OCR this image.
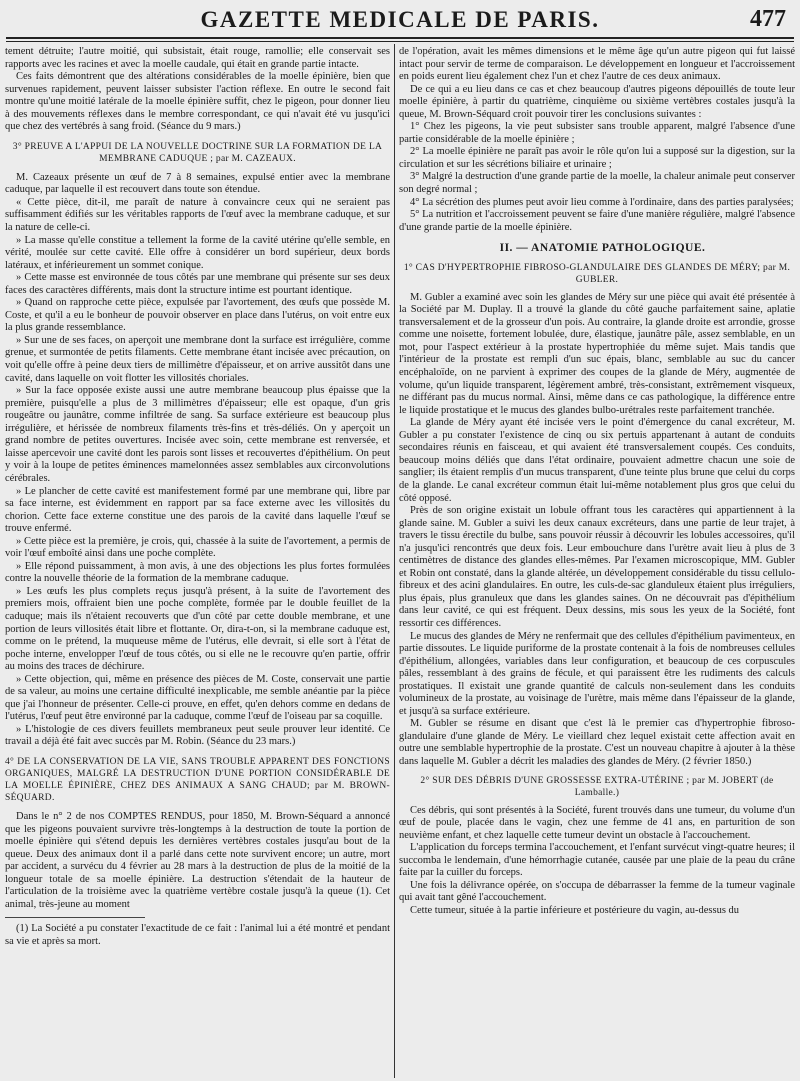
GAZETTE MEDICALE DE PARIS.	477

tement détruite; l'autre moitié, qui subsistait, était rouge, ramollie; elle conservait ses rapports avec les racines et avec la moelle caudale, qui était en grande partie intacte.

Ces faits démontrent que des altérations considérables de la moelle épinière, bien que survenues rapidement, peuvent laisser subsister l'action réflexe. En outre le second fait montre qu'une moitié latérale de la moelle épinière suffit, chez le pigeon, pour donner lieu à des mouvements réflexes dans le membre correspondant, ce qui n'avait été vu jusqu'ici que chez des vertébrés à sang froid. (Séance du 9 mars.)

3° PREUVE A L'APPUI DE LA NOUVELLE DOCTRINE SUR LA FORMATION DE LA MEMBRANE CADUQUE ; par M. CAZEAUX.

M. Cazeaux présente un œuf de 7 à 8 semaines, expulsé entier avec la membrane caduque, par laquelle il est recouvert dans toute son étendue.

« Cette pièce, dit-il, me paraît de nature à convaincre ceux qui ne seraient pas suffisamment édifiés sur les véritables rapports de l'œuf avec la membrane caduque, et sur la nature de celle-ci.

» La masse qu'elle constitue a tellement la forme de la cavité utérine qu'elle semble, en vérité, moulée sur cette cavité. Elle offre à considérer un bord supérieur, deux bords latéraux, et inférieurement un sommet conique.

» Cette masse est environnée de tous côtés par une membrane qui présente sur ses deux faces des caractères différents, mais dont la structure intime est pourtant identique.

» Quand on rapproche cette pièce, expulsée par l'avortement, des œufs que possède M. Coste, et qu'il a eu le bonheur de pouvoir observer en place dans l'utérus, on voit entre eux la plus grande ressemblance.

» Sur une de ses faces, on aperçoit une membrane dont la surface est irrégulière, comme grenue, et surmontée de petits filaments. Cette membrane étant incisée avec précaution, on voit qu'elle offre à peine deux tiers de millimètre d'épaisseur, et on arrive aussitôt dans une cavité, dans laquelle on voit flotter les villosités choriales.

» Sur la face opposée existe aussi une autre membrane beaucoup plus épaisse que la première, puisqu'elle a plus de 3 millimètres d'épaisseur; elle est opaque, d'un gris rougeâtre ou jaunâtre, comme infiltrée de sang. Sa surface extérieure est beaucoup plus irrégulière, et hérissée de nombreux filaments très-fins et très-déliés. On y aperçoit un grand nombre de petites ouvertures. Incisée avec soin, cette membrane est renversée, et laisse apercevoir une cavité dont les parois sont lisses et recouvertes d'épithélium. On peut y voir à la loupe de petites éminences mamelonnées assez semblables aux circonvolutions cérébrales.

» Le plancher de cette cavité est manifestement formé par une membrane qui, libre par sa face interne, est évidemment en rapport par sa face externe avec les villosités du chorion. Cette face externe constitue une des parois de la cavité dans laquelle l'œuf se trouve enfermé.

» Cette pièce est la première, je crois, qui, chassée à la suite de l'avortement, a permis de voir l'œuf emboîté ainsi dans une poche complète.

» Elle répond puissamment, à mon avis, à une des objections les plus fortes formulées contre la nouvelle théorie de la formation de la membrane caduque.

» Les œufs les plus complets reçus jusqu'à présent, à la suite de l'avortement des premiers mois, offraient bien une poche complète, formée par le double feuillet de la caduque; mais ils n'étaient recouverts que d'un côté par cette double membrane, et une portion de leurs villosités était libre et flottante. Or, dira-t-on, si la membrane caduque est, comme on le prétend, la muqueuse même de l'utérus, elle devrait, si elle sort à l'état de poche interne, envelopper l'œuf de tous côtés, ou si elle ne le recouvre qu'en partie, offrir au moins des traces de déchirure.

» Cette objection, qui, même en présence des pièces de M. Coste, conservait une partie de sa valeur, au moins une certaine difficulté inexplicable, me semble anéantie par la pièce que j'ai l'honneur de présenter. Celle-ci prouve, en effet, qu'en dehors comme en dedans de l'utérus, l'œuf peut être environné par la caduque, comme l'œuf de l'oiseau par sa coquille.

» L'histologie de ces divers feuillets membraneux peut seule prouver leur identité. Ce travail a déjà été fait avec succès par M. Robin. (Séance du 23 mars.)

4° DE LA CONSERVATION DE LA VIE, SANS TROUBLE APPARENT DES FONCTIONS ORGANIQUES, MALGRÉ LA DESTRUCTION D'UNE PORTION CONSIDÉRABLE DE LA MOELLE ÉPINIÈRE, CHEZ DES ANIMAUX A SANG CHAUD; par M. BROWN-SÉQUARD.

Dans le n° 2 de nos COMPTES RENDUS, pour 1850, M. Brown-Séquard a annoncé que les pigeons pouvaient survivre très-longtemps à la destruction de toute la portion de moelle épinière qui s'étend depuis les dernières vertèbres costales jusqu'au bout de la queue. Deux des animaux dont il a parlé dans cette note survivent encore; un autre, mort par accident, a survécu du 4 février au 28 mars à la destruction de plus de la moitié de la longueur totale de sa moelle épinière. La destruction s'étendait de la hauteur de l'articulation de la troisième avec la quatrième vertèbre costale jusqu'à la queue (1). Cet animal, très-jeune au moment

(1) La Société a pu constater l'exactitude de ce fait : l'animal lui a été montré et pendant sa vie et après sa mort.

de l'opération, avait les mêmes dimensions et le même âge qu'un autre pigeon qui fut laissé intact pour servir de terme de comparaison. Le développement en longueur et l'accroissement en poids eurent lieu également chez l'un et chez l'autre de ces deux animaux.

De ce qui a eu lieu dans ce cas et chez beaucoup d'autres pigeons dépouillés de toute leur moelle épinière, à partir du quatrième, cinquième ou sixième vertèbres costales jusqu'à la queue, M. Brown-Séquard croit pouvoir tirer les conclusions suivantes :

1° Chez les pigeons, la vie peut subsister sans trouble apparent, malgré l'absence d'une partie considérable de la moelle épinière ;

2° La moelle épinière ne paraît pas avoir le rôle qu'on lui a supposé sur la digestion, sur la circulation et sur les sécrétions biliaire et urinaire ;

3° Malgré la destruction d'une grande partie de la moelle, la chaleur animale peut conserver son degré normal ;

4° La sécrétion des plumes peut avoir lieu comme à l'ordinaire, dans des parties paralysées;

5° La nutrition et l'accroissement peuvent se faire d'une manière régulière, malgré l'absence d'une grande partie de la moelle épinière.

II. — ANATOMIE PATHOLOGIQUE.

1° CAS D'HYPERTROPHIE FIBROSO-GLANDULAIRE DES GLANDES DE MÉRY; par M. GUBLER.

M. Gubler a examiné avec soin les glandes de Méry sur une pièce qui avait été présentée à la Société par M. Duplay. Il a trouvé la glande du côté gauche parfaitement saine, aplatie transversalement et de la grosseur d'un pois. Au contraire, la glande droite est arrondie, grosse comme une noisette, fortement lobulée, dure, élastique, jaunâtre pâle, assez semblable, en un mot, pour l'aspect extérieur à la prostate hypertrophiée du même sujet. Mais tandis que l'intérieur de la prostate est rempli d'un suc épais, blanc, semblable au suc du cancer encéphaloïde, on ne parvient à exprimer des coupes de la glande de Méry, augmentée de volume, qu'un liquide transparent, légèrement ambré, très-consistant, extrêmement visqueux, ne différant pas du mucus normal. Ainsi, même dans ce cas pathologique, la différence entre le liquide prostatique et le mucus des glandes bulbo-urétrales reste parfaitement tranchée.

La glande de Méry ayant été incisée vers le point d'émergence du canal excréteur, M. Gubler a pu constater l'existence de cinq ou six pertuis appartenant à autant de conduits secondaires réunis en faisceau, et qui avaient été transversalement coupés. Ces conduits, beaucoup moins déliés que dans l'état ordinaire, pouvaient admettre chacun une soie de sanglier; ils étaient remplis d'un mucus transparent, d'une teinte plus brune que celui du corps de la glande. Le canal excréteur commun était lui-même notablement plus gros que celui du côté opposé.

Près de son origine existait un lobule offrant tous les caractères qui appartiennent à la glande saine. M. Gubler a suivi les deux canaux excréteurs, dans une partie de leur trajet, à travers le tissu érectile du bulbe, sans pouvoir réussir à découvrir les lobules accessoires, qu'il n'a jusqu'ici rencontrés que deux fois. Leur embouchure dans l'urètre avait lieu à plus de 3 centimètres de distance des glandes elles-mêmes. Par l'examen microscopique, MM. Gubler et Robin ont constaté, dans la glande altérée, un développement considérable du tissu cellulo-fibreux et des acini glandulaires. En outre, les culs-de-sac glanduleux étaient plus irréguliers, plus épais, plus granuleux que dans les glandes saines. On ne découvrait pas d'épithélium dans leur cavité, ce qui est fréquent. Deux dessins, mis sous les yeux de la Société, font ressortir ces différences.

Le mucus des glandes de Méry ne renfermait que des cellules d'épithélium pavimenteux, en partie dissoutes. Le liquide puriforme de la prostate contenait à la fois de nombreuses cellules d'épithélium, allongées, variables dans leur configuration, et beaucoup de ces corpuscules pâles, ressemblant à des grains de fécule, et qui paraissent être les rudiments des calculs prostatiques. Il existait une grande quantité de calculs non-seulement dans les conduits volumineux de la prostate, au voisinage de l'urètre, mais même dans l'épaisseur de la glande, et jusqu'à sa surface extérieure.

M. Gubler se résume en disant que c'est là le premier cas d'hypertrophie fibroso-glandulaire d'une glande de Méry. Le vieillard chez lequel existait cette affection avait en outre une semblable hypertrophie de la prostate. C'est un nouveau chapitre à ajouter à la thèse dans laquelle M. Gubler a décrit les maladies des glandes de Méry. (2 février 1850.)

2° SUR DES DÉBRIS D'UNE GROSSESSE EXTRA-UTÉRINE ; par M. JOBERT (de Lamballe.)

Ces débris, qui sont présentés à la Société, furent trouvés dans une tumeur, du volume d'un œuf de poule, placée dans le vagin, chez une femme de 41 ans, en parturition de son neuvième enfant, et chez laquelle cette tumeur devint un obstacle à l'accouchement.

L'application du forceps termina l'accouchement, et l'enfant survécut vingt-quatre heures; il succomba le lendemain, d'une hémorrhagie cutanée, causée par une plaie de la peau du crâne faite par la cuiller du forceps.

Une fois la délivrance opérée, on s'occupa de débarrasser la femme de la tumeur vaginale qui avait tant gêné l'accouchement.

Cette tumeur, située à la partie inférieure et postérieure du vagin, au-dessus du
